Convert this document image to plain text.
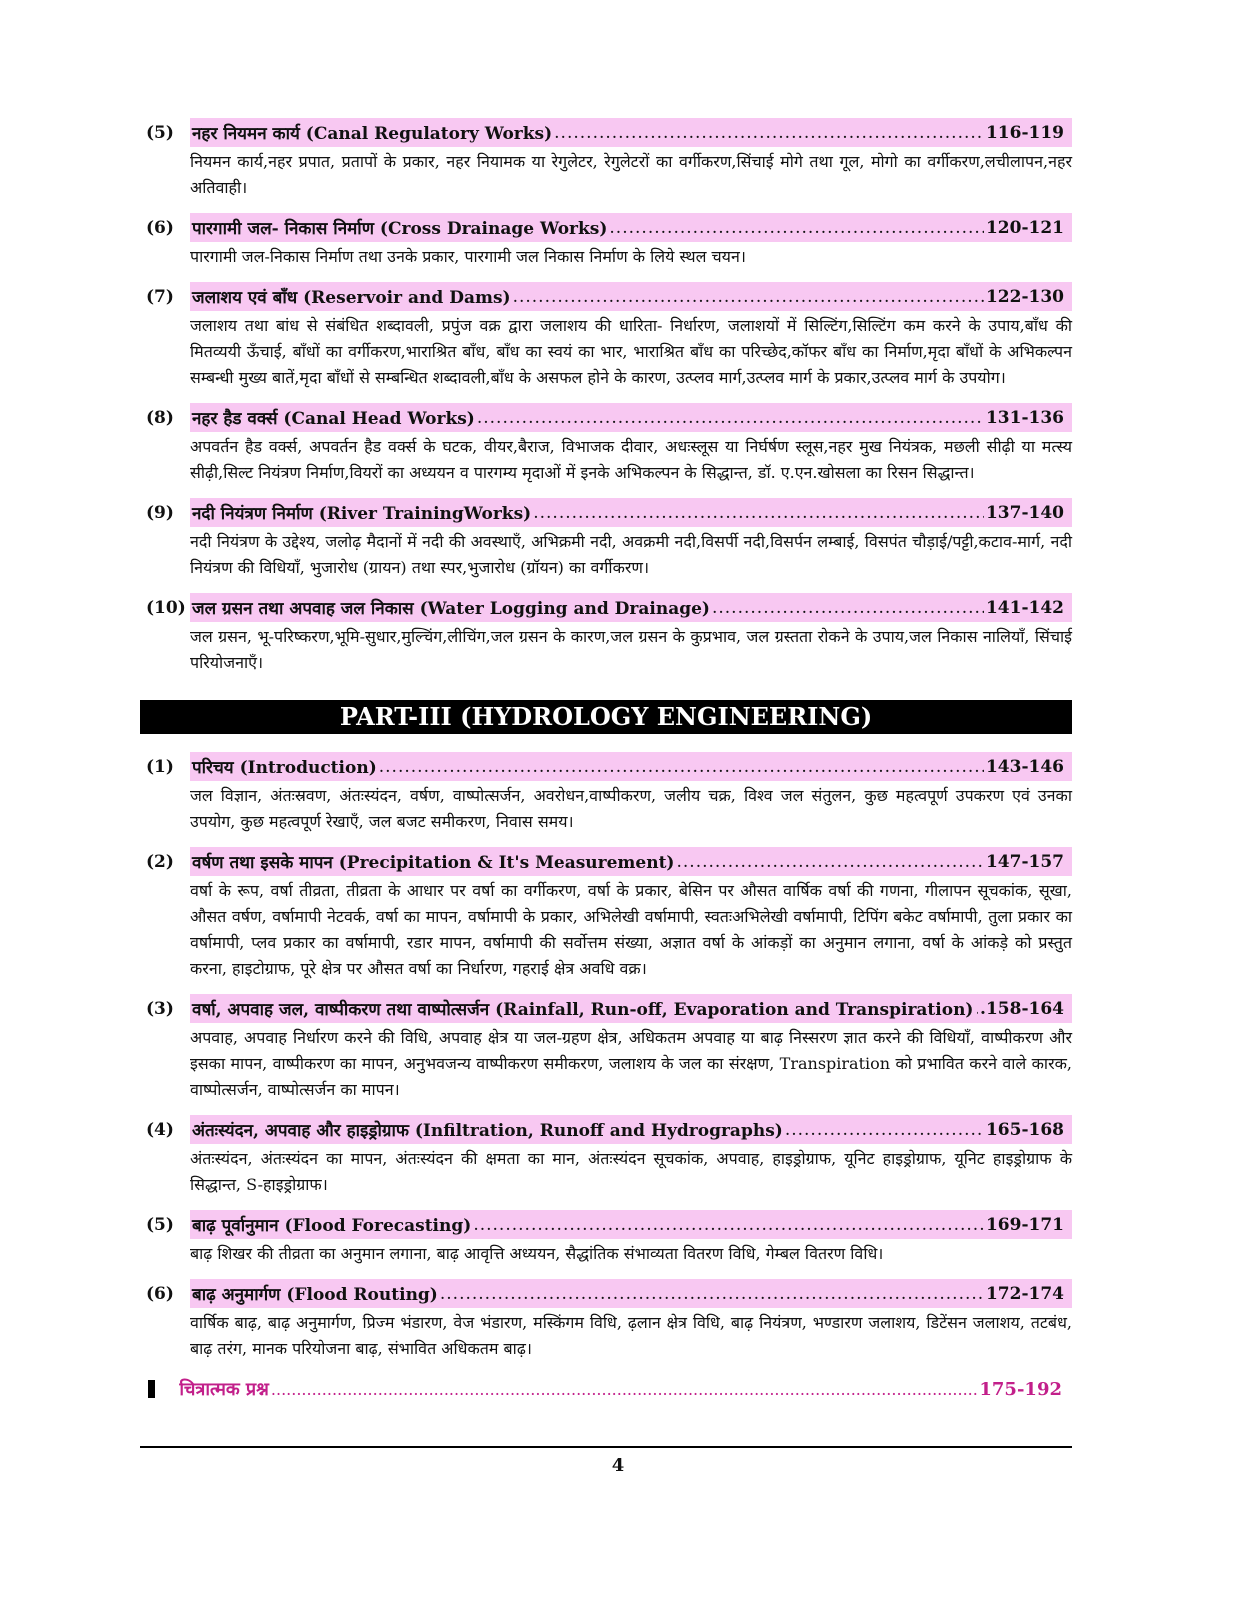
(5)	नहर नियमन कार्य (Canal Regulatory Works) .....	116-119
नियमन कार्य,नहर प्रपात, प्रतापों के प्रकार, नहर नियामक या रेगुलेटर, रेगुलेटरों का वर्गीकरण,सिंचाई मोगे तथा गूल, मोगो का वर्गीकरण,लचीलापन,नहर अतिवाही।
(6)	पारगामी जल- निकास निर्माण (Cross Drainage Works) .....	120-121
पारगामी जल-निकास निर्माण तथा उनके प्रकार, पारगामी जल निकास निर्माण के लिये स्थल चयन।
(7)	जलाशय एवं बाँध (Reservoir and Dams) .....	122-130
जलाशय तथा बांध से संबंधित शब्दावली, प्रपुंज वक्र द्वारा जलाशय की धारिता- निर्धारण, जलाशयों में सिल्टिंग,सिल्टिंग कम करने के उपाय,बाँध की मितव्ययी ऊँचाई, बाँधों का वर्गीकरण,भाराश्रित बाँध, बाँध का स्वयं का भार, भाराश्रित बाँध का परिच्छेद,कॉफर बाँध का निर्माण,मृदा बाँधों के अभिकल्पन सम्बन्धी मुख्य बातें,मृदा बाँधों से सम्बन्धित शब्दावली,बाँध के असफल होने के कारण, उत्प्लव मार्ग,उत्प्लव मार्ग के प्रकार,उत्प्लव मार्ग के उपयोग।
(8)	नहर हैड वर्क्स (Canal Head Works) .....	131-136
अपवर्तन हैड वर्क्स, अपवर्तन हैड वर्क्स के घटक, वीयर,बैराज, विभाजक दीवार, अधःस्लूस या निर्घर्षण स्लूस,नहर मुख नियंत्रक, मछली सीढ़ी या मत्स्य सीढ़ी,सिल्ट नियंत्रण निर्माण,वियरों का अध्ययन व पारगम्य मृदाओं में इनके अभिकल्पन के सिद्धान्त, डॉ. ए.एन.खोसला का रिसन सिद्धान्त।
(9)	नदी नियंत्रण निर्माण (River TrainingWorks) .....	137-140
नदी नियंत्रण के उद्देश्य, जलोढ़ मैदानों में नदी की अवस्थाएँ, अभिक्रमी नदी, अवक्रमी नदी,विसर्पी नदी,विसर्पन लम्बाई, विसपंत चौड़ाई/पट्टी,कटाव-मार्ग, नदी नियंत्रण की विधियाँ, भुजारोध (ग्रायन) तथा स्पर,भुजारोध (ग्रॉयन) का वर्गीकरण।
(10) जल ग्रसन तथा अपवाह जल निकास (Water Logging and Drainage) .....	141-142
जल ग्रसन, भू-परिष्करण,भूमि-सुधार,मुल्चिंग,लीचिंग,जल ग्रसन के कारण,जल ग्रसन के कुप्रभाव, जल ग्रस्तता रोकने के उपाय,जल निकास नालियाँ, सिंचाई परियोजनाएँ।
PART-III (HYDROLOGY ENGINEERING)
(1)	परिचय (Introduction) .....	143-146
जल विज्ञान, अंतःस्रवण, अंतःस्यंदन, वर्षण, वाष्पोत्सर्जन, अवरोधन,वाष्पीकरण, जलीय चक्र, विश्व जल संतुलन, कुछ महत्वपूर्ण उपकरण एवं उनका उपयोग, कुछ महत्वपूर्ण रेखाएँ, जल बजट समीकरण, निवास समय।
(2)	वर्षण तथा इसके मापन (Precipitation & It's Measurement) .....	147-157
वर्षा के रूप, वर्षा तीव्रता, तीव्रता के आधार पर वर्षा का वर्गीकरण, वर्षा के प्रकार, बेसिन पर औसत वार्षिक वर्षा की गणना, गीलापन सूचकांक, सूखा, औसत वर्षण, वर्षामापी नेटवर्क, वर्षा का मापन, वर्षामापी के प्रकार, अभिलेखी वर्षामापी, स्वतःअभिलेखी वर्षामापी, टिपिंग बकेट वर्षामापी, तुला प्रकार का वर्षामापी, प्लव प्रकार का वर्षामापी, रडार मापन, वर्षामापी की सर्वोत्तम संख्या, अज्ञात वर्षा के आंकड़ों का अनुमान लगाना, वर्षा के आंकड़े को प्रस्तुत करना, हाइटोग्राफ, पूरे क्षेत्र पर औसत वर्षा का निर्धारण, गहराई क्षेत्र अवधि वक्र।
(3)	वर्षा, अपवाह जल, वाष्पीकरण तथा वाष्पोत्सर्जन (Rainfall, Run-off, Evaporation and Transpiration) ..... .158-164
अपवाह, अपवाह निर्धारण करने की विधि, अपवाह क्षेत्र या जल-ग्रहण क्षेत्र, अधिकतम अपवाह या बाढ़ निस्सरण ज्ञात करने की विधियाँ, वाष्पीकरण और इसका मापन, वाष्पीकरण का मापन, अनुभवजन्य वाष्पीकरण समीकरण, जलाशय के जल का संरक्षण, Transpiration को प्रभावित करने वाले कारक, वाष्पोत्सर्जन, वाष्पोत्सर्जन का मापन।
(4)	अंतःस्यंदन, अपवाह और हाइड्रोग्राफ (Infiltration, Runoff and Hydrographs) .....	165-168
अंतःस्यंदन, अंतःस्यंदन का मापन, अंतःस्यंदन की क्षमता का मान, अंतःस्यंदन सूचकांक, अपवाह, हाइड्रोग्राफ, यूनिट हाइड्रोग्राफ, यूनिट हाइड्रोग्राफ के सिद्धान्त, S-हाइड्रोग्राफ।
(5)	बाढ़ पूर्वानुमान (Flood Forecasting) .....	169-171
बाढ़ शिखर की तीव्रता का अनुमान लगाना, बाढ़ आवृत्ति अध्ययन, सैद्धांतिक संभाव्यता वितरण विधि, गेम्बल वितरण विधि।
(6)	बाढ़ अनुमार्गण (Flood Routing) .....	172-174
वार्षिक बाढ़, बाढ़ अनुमार्गण, प्रिज्म भंडारण, वेज भंडारण, मस्किंगम विधि, ढ़लान क्षेत्र विधि, बाढ़ नियंत्रण, भण्डारण जलाशय, डिटेंसन जलाशय, तटबंध, बाढ़ तरंग, मानक परियोजना बाढ़, संभावित अधिकतम बाढ़।
चित्रात्मक प्रश्न .....	175-192
4
